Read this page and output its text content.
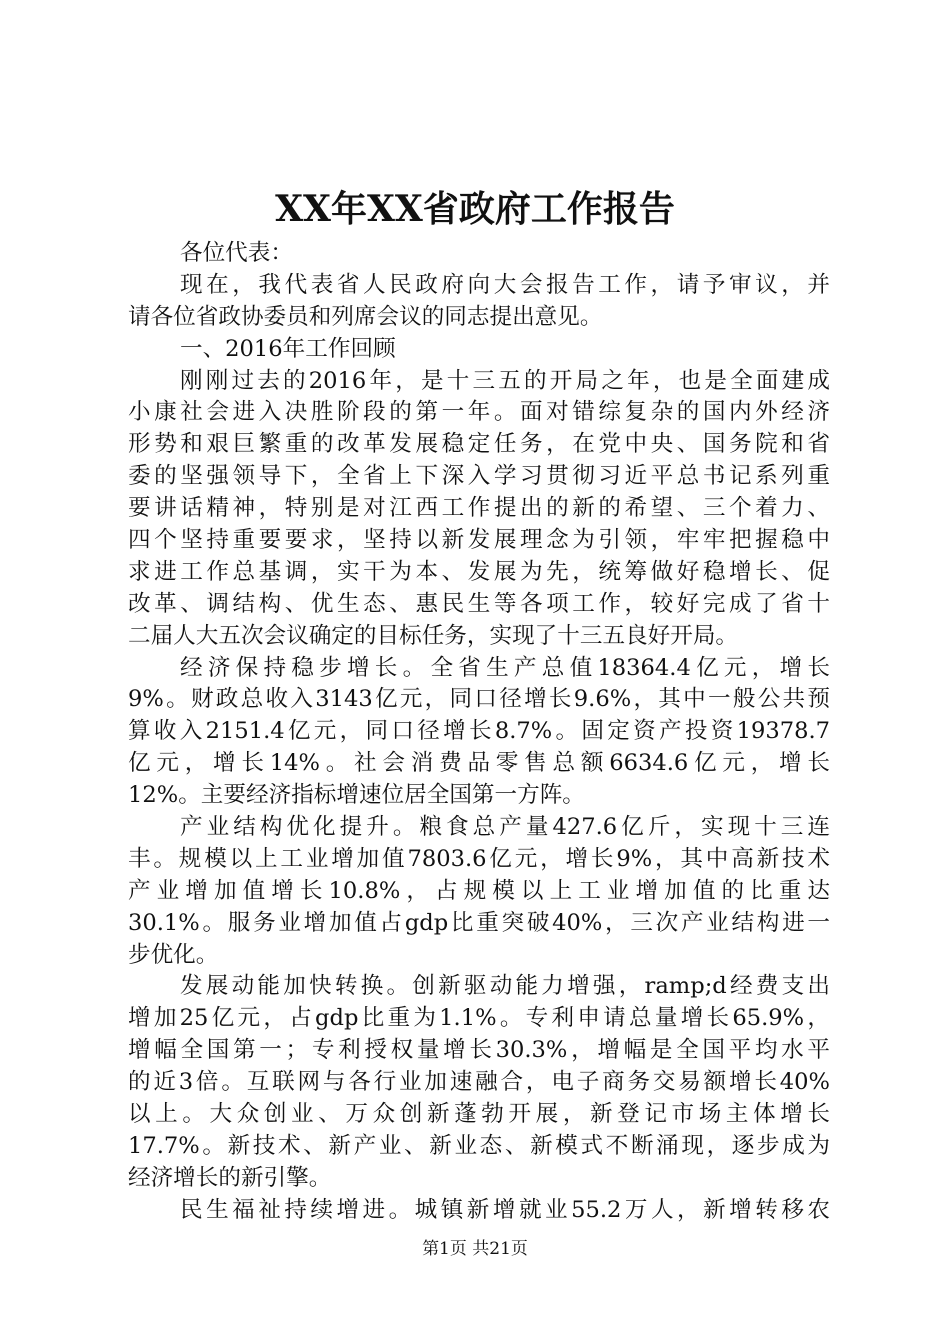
XX年XX省政府工作报告
各位代表：
现在，我代表省人民政府向大会报告工作，请予审议，并
请各位省政协委员和列席会议的同志提出意见。
一、2016年工作回顾
刚刚过去的2016年，是十三五的开局之年，也是全面建成
小康社会进入决胜阶段的第一年。面对错综复杂的国内外经济
形势和艰巨繁重的改革发展稳定任务，在党中央、国务院和省
委的坚强领导下，全省上下深入学习贯彻习近平总书记系列重
要讲话精神，特别是对江西工作提出的新的希望、三个着力、
四个坚持重要要求，坚持以新发展理念为引领，牢牢把握稳中
求进工作总基调，实干为本、发展为先，统筹做好稳增长、促
改革、调结构、优生态、惠民生等各项工作，较好完成了省十
二届人大五次会议确定的目标任务，实现了十三五良好开局。
经济保持稳步增长。全省生产总值18364.4亿元，增长
9%。财政总收入3143亿元，同口径增长9.6%，其中一般公共预
算收入2151.4亿元，同口径增长8.7%。固定资产投资19378.7
亿元，增长14%。社会消费品零售总额6634.6亿元，增长
12%。主要经济指标增速位居全国第一方阵。
产业结构优化提升。粮食总产量427.6亿斤，实现十三连
丰。规模以上工业增加值7803.6亿元，增长9%，其中高新技术
产业增加值增长10.8%，占规模以上工业增加值的比重达
30.1%。服务业增加值占gdp比重突破40%，三次产业结构进一
步优化。
发展动能加快转换。创新驱动能力增强，ramp;d经费支出
增加25亿元，占gdp比重为1.1%。专利申请总量增长65.9%，
增幅全国第一；专利授权量增长30.3%，增幅是全国平均水平
的近3倍。互联网与各行业加速融合，电子商务交易额增长40%
以上。大众创业、万众创新蓬勃开展，新登记市场主体增长
17.7%。新技术、新产业、新业态、新模式不断涌现，逐步成为
经济增长的新引擎。
民生福祉持续增进。城镇新增就业55.2万人，新增转移农
第1页 共21页
